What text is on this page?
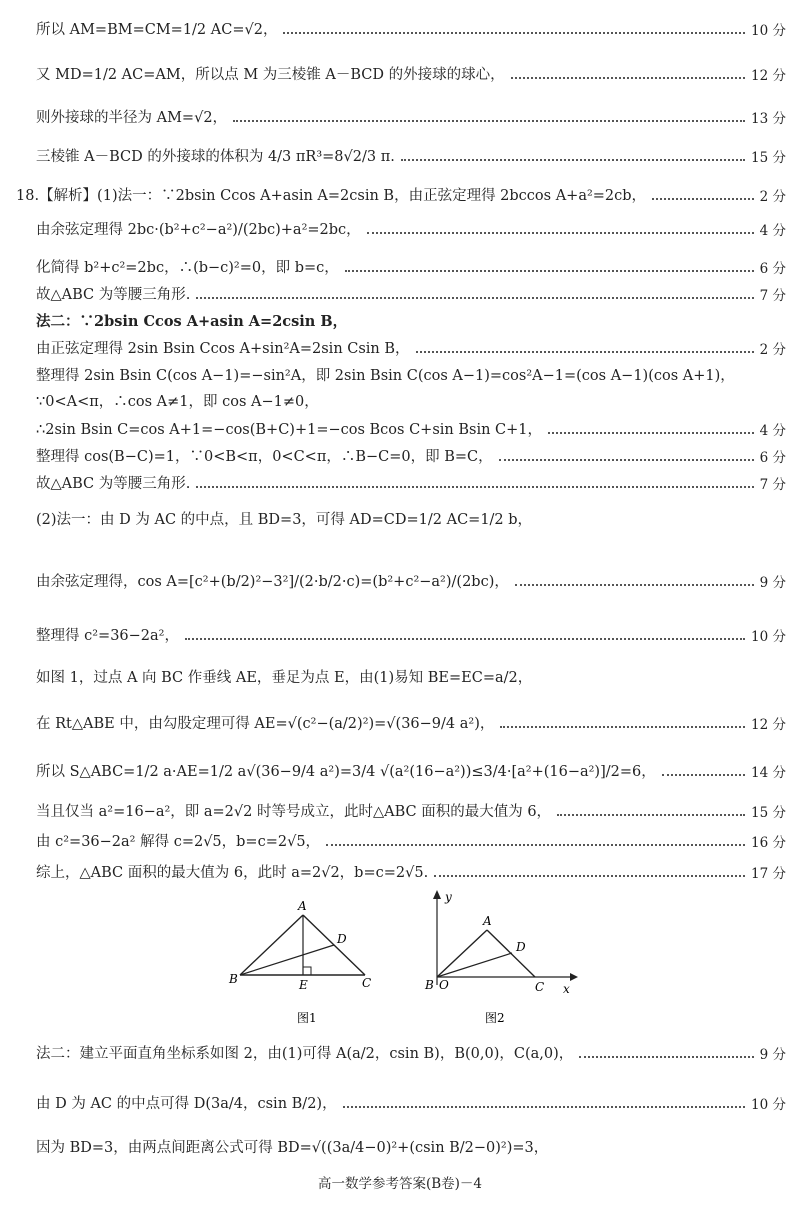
所以 AM=BM=CM=1/2 AC=√2，	10 分
又 MD=1/2 AC=AM，所以点 M 为三棱锥 A－BCD 的外接球的球心，	12 分
则外接球的半径为 AM=√2，	13 分
三棱锥 A－BCD 的外接球的体积为 4/3 πR³=8√2/3 π.	15 分
18.【解析】(1)法一：∵2bsin Ccos A+asin A=2csin B，由正弦定理得 2bccos A+a²=2cb，	2 分
由余弦定理得 2bc·(b²+c²−a²)/(2bc)+a²=2bc，	4 分
化简得 b²+c²=2bc，∴(b−c)²=0，即 b=c，	6 分
故△ABC 为等腰三角形.	7 分
法二：∵2bsin Ccos A+asin A=2csin B，
由正弦定理得 2sin Bsin Ccos A+sin²A=2sin Csin B，	2 分
整理得 2sin Bsin C(cos A−1)=−sin²A，即 2sin Bsin C(cos A−1)=cos²A−1=(cos A−1)(cos A+1)，
∵0<A<π，∴cos A≠1，即 cos A−1≠0，
∴2sin Bsin C=cos A+1=−cos(B+C)+1=−cos Bcos C+sin Bsin C+1，	4 分
整理得 cos(B−C)=1，∵0<B<π，0<C<π，∴B−C=0，即 B=C，	6 分
故△ABC 为等腰三角形.	7 分
(2)法一：由 D 为 AC 的中点，且 BD=3，可得 AD=CD=1/2 AC=1/2 b，
由余弦定理得，cos A=[c²+(b/2)²−3²]/(2·b/2·c)=(b²+c²−a²)/(2bc)，	9 分
整理得 c²=36−2a²，	10 分
如图 1，过点 A 向 BC 作垂线 AE，垂足为点 E，由(1)易知 BE=EC=a/2，
在 Rt△ABE 中，由勾股定理可得 AE=√(c²−(a/2)²)=√(36−9/4 a²)，	12 分
所以 S△ABC=1/2 a·AE=1/2 a√(36−9/4 a²)=3/4 √(a²(16−a²))≤3/4·[a²+(16−a²)]/2=6，	14 分
当且仅当 a²=16−a²，即 a=2√2 时等号成立，此时△ABC 面积的最大值为 6，	15 分
由 c²=36−2a² 解得 c=2√5，b=c=2√5，	16 分
综上，△ABC 面积的最大值为 6，此时 a=2√2，b=c=2√5.	17 分
A
B	C
D
E
图1
A
B O	C
D
x
y
图2
法二：建立平面直角坐标系如图 2，由(1)可得 A(a/2，csin B)，B(0,0)，C(a,0)，	9 分
由 D 为 AC 的中点可得 D(3a/4，csin B/2)，	10 分
因为 BD=3，由两点间距离公式可得 BD=√((3a/4−0)²+(csin B/2−0)²)=3，
高一数学参考答案(B卷)－4
